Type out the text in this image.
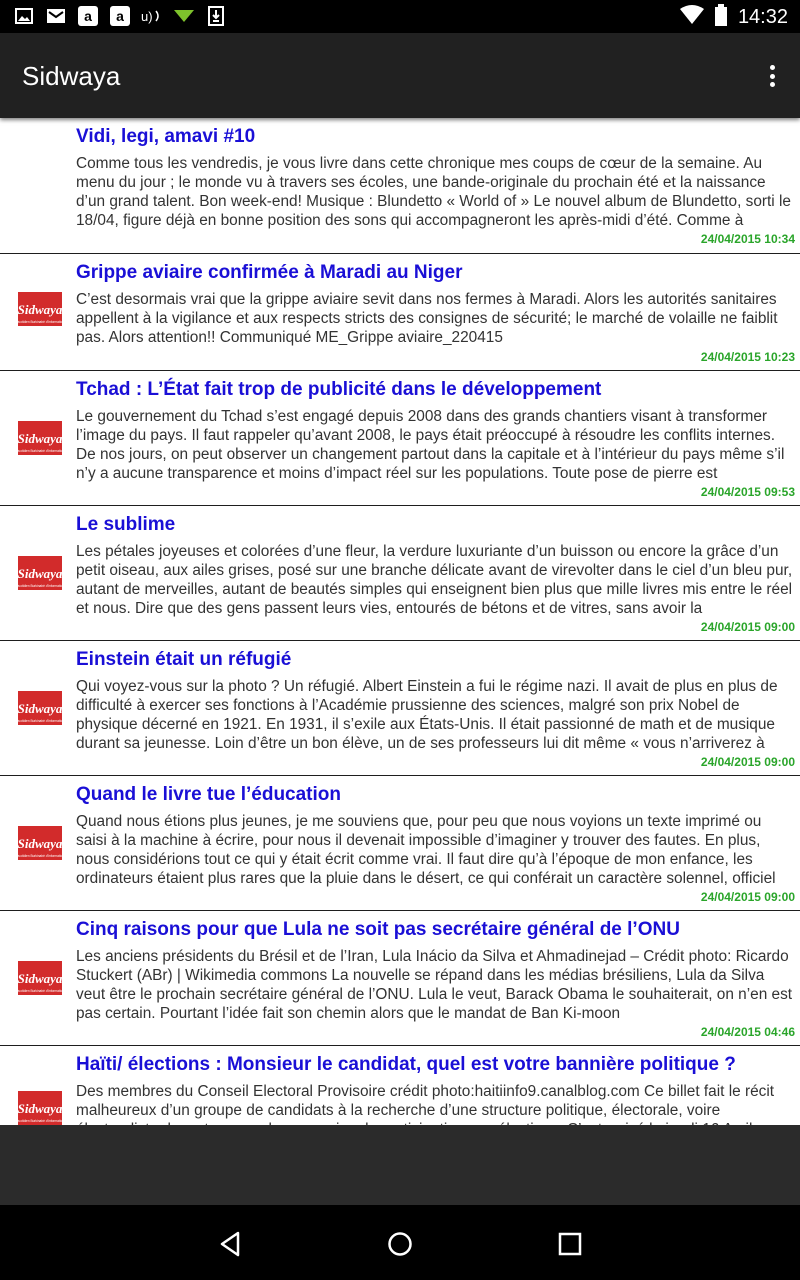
a a u)	14:32
Sidwaya
Vidi, legi, amavi #10
Comme tous les vendredis, je vous livre dans cette chronique mes coups de cœur de la semaine. Au menu du jour ; le monde vu à travers ses écoles, une bande-originale du prochain été et la naissance d’un grand talent. Bon week-end! Musique : Blundetto « World of » Le nouvel album de Blundetto, sorti le 18/04, figure déjà en bonne position des sons qui accompagneront les après-midi d’été. Comme à
24/04/2015 10:34
Sidwaya
Quotidien Burkinabè d'Information
Grippe aviaire confirmée à Maradi au Niger
C’est desormais vrai que la grippe aviaire sevit dans nos fermes à Maradi. Alors les autorités sanitaires appellent à la vigilance et aux respects stricts des consignes de sécurité; le marché de volaille ne faiblit pas. Alors attention!! Communiqué ME_Grippe aviaire_220415
24/04/2015 10:23
Sidwaya
Quotidien Burkinabè d'Information
Tchad : L’État fait trop de publicité dans le développement
Le gouvernement du Tchad s’est engagé depuis 2008 dans des grands chantiers visant à transformer l’image du pays. Il faut rappeler qu’avant 2008, le pays était préoccupé à résoudre les conflits internes. De nos jours, on peut observer un changement partout dans la capitale et à l’intérieur du pays même s’il n’y a aucune transparence et moins d’impact réel sur les populations. Toute pose de pierre est
24/04/2015 09:53
Sidwaya
Quotidien Burkinabè d'Information
Le sublime
Les pétales joyeuses et colorées d’une fleur, la verdure luxuriante d’un buisson ou encore la grâce d’un petit oiseau, aux ailes grises, posé sur une branche délicate avant de virevolter dans le ciel d’un bleu pur, autant de merveilles, autant de beautés simples qui enseignent bien plus que mille livres mis entre le réel et nous. Dire que des gens passent leurs vies, entourés de bétons et de vitres, sans avoir la
24/04/2015 09:00
Sidwaya
Quotidien Burkinabè d'Information
Einstein était un réfugié
Qui voyez-vous sur la photo ? Un réfugié. Albert Einstein a fui le régime nazi. Il avait de plus en plus de difficulté à exercer ses fonctions à l’Académie prussienne des sciences, malgré son prix Nobel de physique décerné en 1921. En 1931, il s’exile aux États-Unis. Il était passionné de math et de musique durant sa jeunesse. Loin d’être un bon élève, un de ses professeurs lui dit même « vous n’arriverez à
24/04/2015 09:00
Sidwaya
Quotidien Burkinabè d'Information
Quand le livre tue l’éducation
Quand nous étions plus jeunes, je me souviens que, pour peu que nous voyions un texte imprimé ou saisi à la machine à écrire, pour nous il devenait impossible d’imaginer y trouver des fautes. En plus, nous considérions tout ce qui y était écrit comme vrai. Il faut dire qu’à l’époque de mon enfance, les ordinateurs étaient plus rares que la pluie dans le désert, ce qui conférait un caractère solennel, officiel
24/04/2015 09:00
Sidwaya
Quotidien Burkinabè d'Information
Cinq raisons pour que Lula ne soit pas secrétaire général de l’ONU
Les anciens présidents du Brésil et de l’Iran, Lula Inácio da Silva et Ahmadinejad – Crédit photo: Ricardo Stuckert (ABr) | Wikimedia commons La nouvelle se répand dans les médias brésiliens, Lula da Silva veut être le prochain secrétaire général de l’ONU. Lula le veut, Barack Obama le souhaiterait, on n’en est pas certain. Pourtant l’idée fait son chemin alors que le mandat de Ban Ki-moon
24/04/2015 04:46
Sidwaya
Quotidien Burkinabè d'Information
Haïti/ élections : Monsieur le candidat, quel est votre bannière politique ?
Des membres du Conseil Electoral Provisoire crédit photo:haitiinfo9.canalblog.com Ce billet fait le récit malheureux d’un groupe de candidats à la recherche d’une structure politique, électorale, voire
